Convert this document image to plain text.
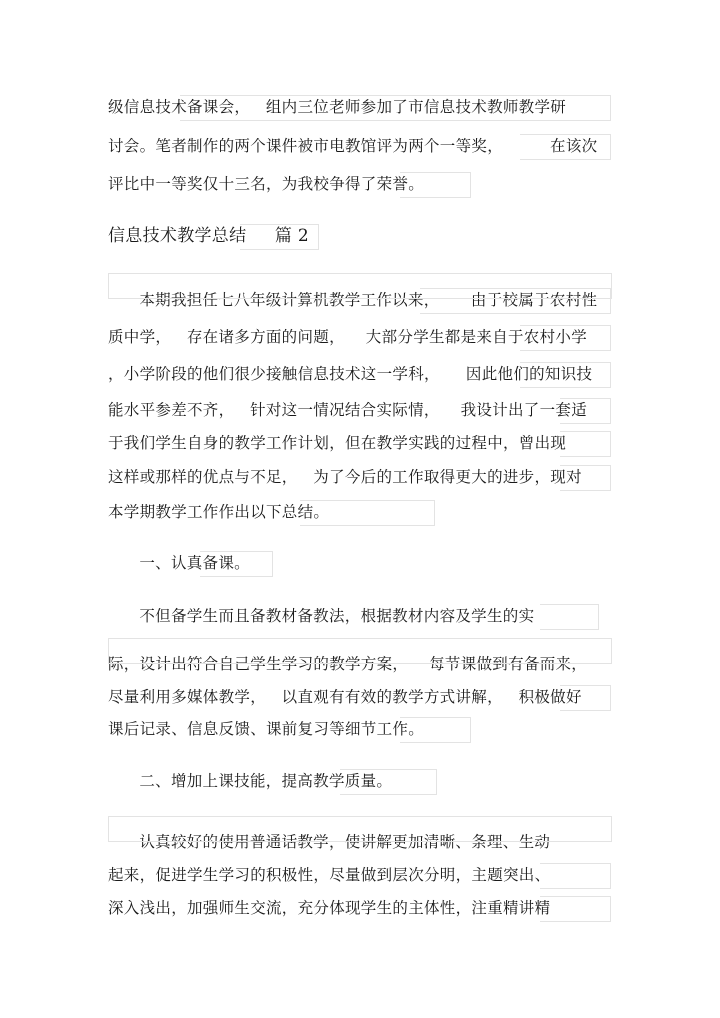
级信息技术备课会，   组内三位老师参加了市信息技术教师教学研
讨会。笔者制作的两个课件被市电教馆评为两个一等奖，         在该次
评比中一等奖仅十三名，为我校争得了荣誉。
信息技术教学总结     篇 2
本期我担任七八年级计算机教学工作以来，      由于校属于农村性
质中学，   存在诸多方面的问题，    大部分学生都是来自于农村小学
，小学阶段的他们很少接触信息技术这一学科，     因此他们的知识技
能水平参差不齐，   针对这一情况结合实际情，    我设计出了一套适
于我们学生自身的教学工作计划，但在教学实践的过程中，曾出现
这样或那样的优点与不足，   为了今后的工作取得更大的进步，现对
本学期教学工作作出以下总结。
一、认真备课。
不但备学生而且备教材备教法，根据教材内容及学生的实
际，设计出符合自己学生学习的教学方案，    每节课做到有备而来，
尽量利用多媒体教学，   以直观有有效的教学方式讲解，   积极做好
课后记录、信息反馈、课前复习等细节工作。
二、增加上课技能，提高教学质量。
认真较好的使用普通话教学，使讲解更加清晰、条理、生动
起来，促进学生学习的积极性，尽量做到层次分明，主题突出、
深入浅出，加强师生交流，充分体现学生的主体性，注重精讲精
